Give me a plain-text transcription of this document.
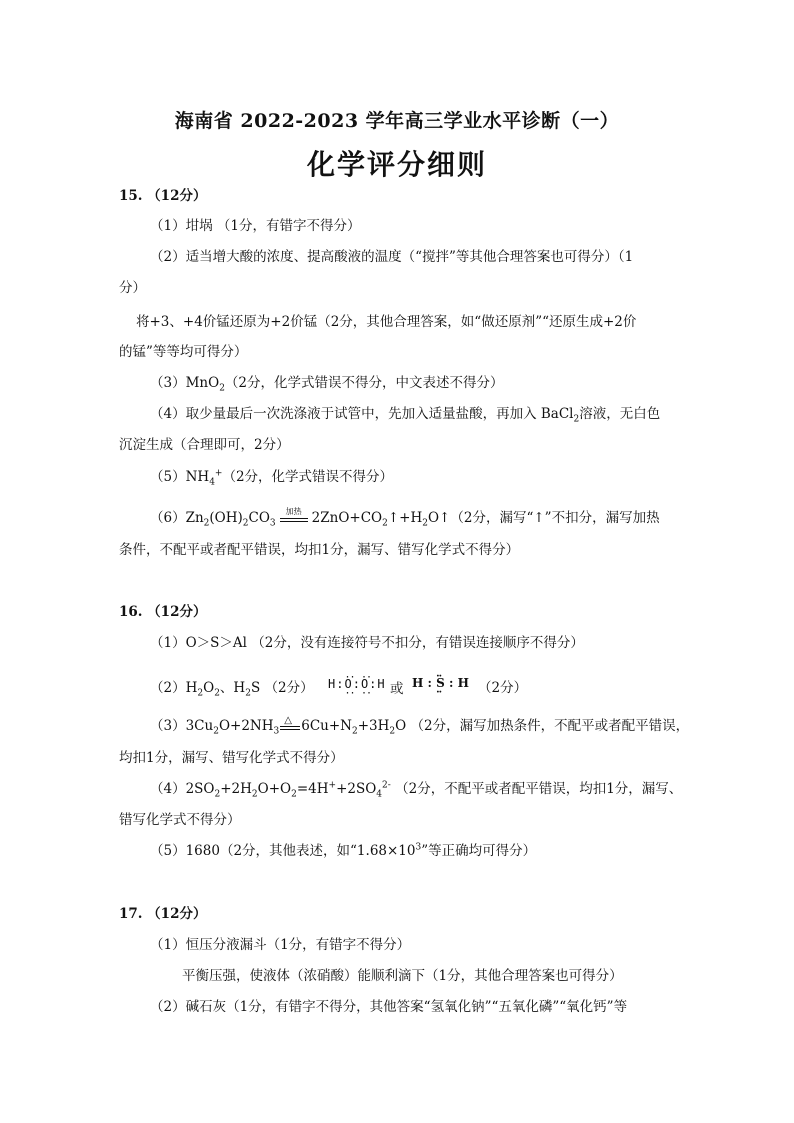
海南省 2022-2023 学年高三学业水平诊断（一）
化学评分细则
15. （12分）
（1）坩埚 （1分，有错字不得分）
（2）适当增大酸的浓度、提高酸液的温度（“搅拌”等其他合理答案也可得分）（1
分）
将+3、+4价锰还原为+2价锰（2分，其他合理答案，如“做还原剂”“还原生成+2价
的锰”等等均可得分）
（3）MnO$_2$（2分，化学式错误不得分，中文表述不得分）
（4）取少量最后一次洗涤液于试管中，先加入适量盐酸，再加入 BaCl$_2$溶液，无白色
沉淀生成（合理即可，2分）
$(5)NH_4^+(2$分，化学式错误不得分）
$(6)Zn_2(OH)_2CO_3$
加热 $2ZnO+CO_2↑+H_2O↑(2$分，漏写“↑”不扣分，漏写加热
条件，不配平或者配平错误，均扣1分，漏写、错写化学式不得分）
16. （12分）
（1）O＞S＞Al （2分，没有连接符号不扣分，有错误连接顺序不得分）
$(2)H_2O_2$、$H_2S$ （2分） H:·· O ··:·· O ··:H 或 H : ·· S ·· : H （2分）
$(3)3Cu_2O+2NH_3$
△ $6Cu+N_2+3H_2O$ （2分，漏写加热条件，不配平或者配平错误，
均扣1分，漏写、错写化学式不得分）
$(4)2SO_2+2H_2O+O_2=4H^++2SO_4^{2-}$ （2分，不配平或者配平错误，均扣1分，漏写、
错写化学式不得分）
（5）1680（2分，其他表述，如“$1.68\times 10^3$”等正确均可得分）
17. （12分）
（1）恒压分液漏斗（1分，有错字不得分）
平衡压强，使液体（浓硝酸）能顺利滴下（1分，其他合理答案也可得分）
（2）碱石灰（1分，有错字不得分，其他答案“氢氧化钠”“五氧化磷”“氧化钙”等
